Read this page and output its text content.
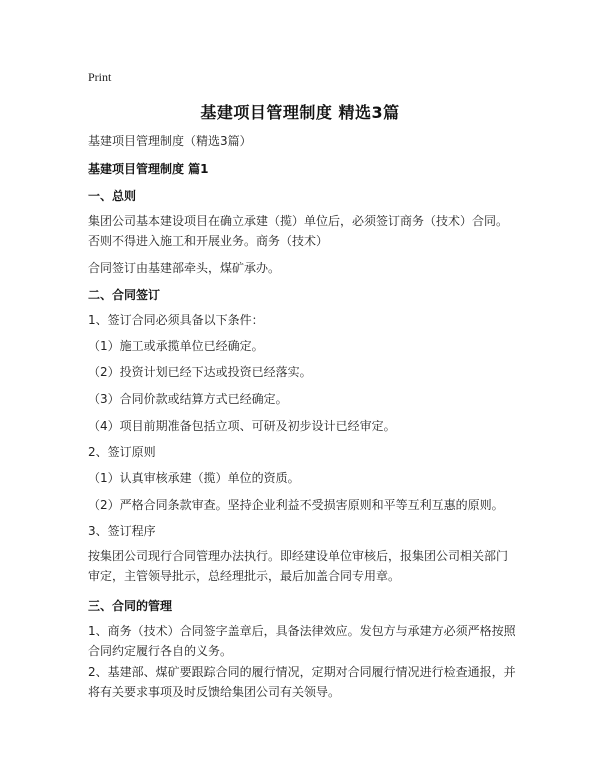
Print
基建项目管理制度 精选3篇
基建项目管理制度（精选3篇）
基建项目管理制度 篇1
一、总则
集团公司基本建设项目在确立承建（揽）单位后，必须签订商务（技术）合同。否则不得进入施工和开展业务。商务（技术）
合同签订由基建部牵头，煤矿承办。
二、合同签订
1、签订合同必须具备以下条件：
（1）施工或承揽单位已经确定。
（2）投资计划已经下达或投资已经落实。
（3）合同价款或结算方式已经确定。
（4）项目前期准备包括立项、可研及初步设计已经审定。
2、签订原则
（1）认真审核承建（揽）单位的资质。
（2）严格合同条款审查。坚持企业利益不受损害原则和平等互利互惠的原则。
3、签订程序
按集团公司现行合同管理办法执行。即经建设单位审核后，报集团公司相关部门审定，主管领导批示，总经理批示，最后加盖合同专用章。
三、合同的管理
1、商务（技术）合同签字盖章后，具备法律效应。发包方与承建方必须严格按照合同约定履行各自的义务。
2、基建部、煤矿要跟踪合同的履行情况，定期对合同履行情况进行检查通报，并将有关要求事项及时反馈给集团公司有关领导。
